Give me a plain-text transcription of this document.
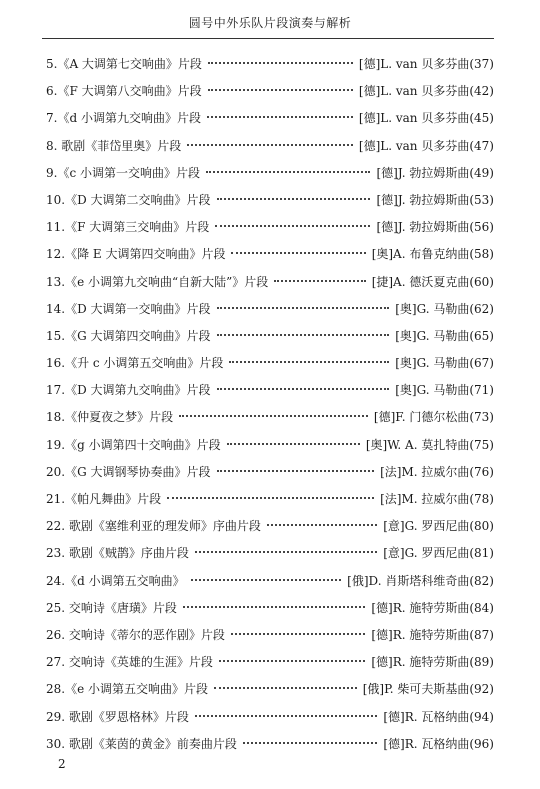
圆号中外乐队片段演奏与解析
5.《A 大调第七交响曲》片段	[德]L. van 贝多芬曲 (37)
6.《F 大调第八交响曲》片段	[德]L. van 贝多芬曲 (42)
7.《d 小调第九交响曲》片段	[德]L. van 贝多芬曲 (45)
8. 歌剧《菲岱里奥》片段	[德]L. van 贝多芬曲 (47)
9.《c 小调第一交响曲》片段	[德]J. 勃拉姆斯曲 (49)
10.《D 大调第二交响曲》片段	[德]J. 勃拉姆斯曲 (53)
11.《F 大调第三交响曲》片段	[德]J. 勃拉姆斯曲 (56)
12.《降 E 大调第四交响曲》片段	[奥]A. 布鲁克纳曲 (58)
13.《e 小调第九交响曲“自新大陆”》片段	[捷]A. 德沃夏克曲 (60)
14.《D 大调第一交响曲》片段	[奥]G. 马勒曲 (62)
15.《G 大调第四交响曲》片段	[奥]G. 马勒曲 (65)
16.《升 c 小调第五交响曲》片段	[奥]G. 马勒曲 (67)
17.《D 大调第九交响曲》片段	[奥]G. 马勒曲 (71)
18.《仲夏夜之梦》片段	[德]F. 门德尔松曲 (73)
19.《g 小调第四十交响曲》片段	[奥]W. A. 莫扎特曲 (75)
20.《G 大调钢琴协奏曲》片段	[法]M. 拉威尔曲 (76)
21.《帕凡舞曲》片段	[法]M. 拉威尔曲 (78)
22. 歌剧《塞维利亚的理发师》序曲片段	[意]G. 罗西尼曲 (80)
23. 歌剧《贼鹊》序曲片段	[意]G. 罗西尼曲 (81)
24.《d 小调第五交响曲》	[俄]D. 肖斯塔科维奇曲 (82)
25. 交响诗《唐璜》片段	[德]R. 施特劳斯曲 (84)
26. 交响诗《蒂尔的恶作剧》片段	[德]R. 施特劳斯曲 (87)
27. 交响诗《英雄的生涯》片段	[德]R. 施特劳斯曲 (89)
28.《e 小调第五交响曲》片段	[俄]P. 柴可夫斯基曲 (92)
29. 歌剧《罗恩格林》片段	[德]R. 瓦格纳曲 (94)
30. 歌剧《莱茵的黄金》前奏曲片段	[德]R. 瓦格纳曲 (96)
2
